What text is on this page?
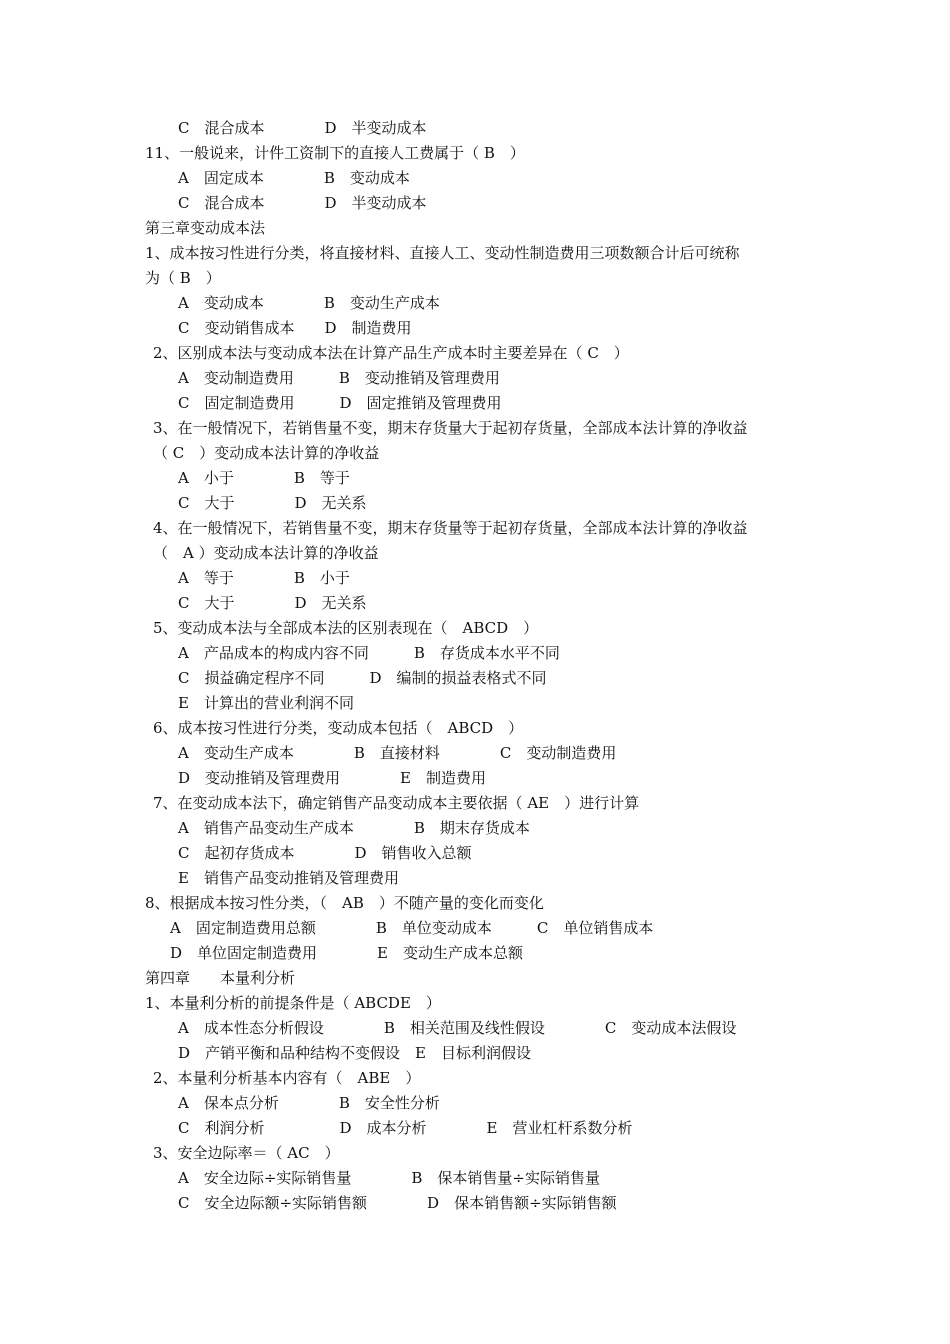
C　混合成本　　　　D　半变动成本
11、一般说来，计件工资制下的直接人工费属于（ B　）
A　固定成本　　　　B　变动成本
C　混合成本　　　　D　半变动成本
第三章变动成本法
1、成本按习性进行分类，将直接材料、直接人工、变动性制造费用三项数额合计后可统称
为（ B　）
A　变动成本　　　　B　变动生产成本
C　变动销售成本　　D　制造费用
2、区别成本法与变动成本法在计算产品生产成本时主要差异在（ C　）
A　变动制造费用　　　B　变动推销及管理费用
C　固定制造费用　　　D　固定推销及管理费用
3、在一般情况下，若销售量不变，期末存货量大于起初存货量，全部成本法计算的净收益
（ C　）变动成本法计算的净收益
A　小于　　　　B　等于
C　大于　　　　D　无关系
4、在一般情况下，若销售量不变，期末存货量等于起初存货量，全部成本法计算的净收益
（　A ）变动成本法计算的净收益
A　等于　　　　B　小于
C　大于　　　　D　无关系
5、变动成本法与全部成本法的区别表现在（　ABCD　）
A　产品成本的构成内容不同　　　B　存货成本水平不同
C　损益确定程序不同　　　D　编制的损益表格式不同
E　计算出的营业利润不同
6、成本按习性进行分类，变动成本包括（　ABCD　）
A　变动生产成本　　　　B　直接材料　　　　C　变动制造费用
D　变动推销及管理费用　　　　E　制造费用
7、在变动成本法下，确定销售产品变动成本主要依据（ AE　）进行计算
A　销售产品变动生产成本　　　　B　期末存货成本
C　起初存货成本　　　　D　销售收入总额
E　销售产品变动推销及管理费用
8、根据成本按习性分类，（　AB　）不随产量的变化而变化
A　固定制造费用总额　　　　B　单位变动成本　　　C　单位销售成本
D　单位固定制造费用　　　　E　变动生产成本总额
第四章　　本量利分析
1、本量利分析的前提条件是（ ABCDE　）
A　成本性态分析假设　　　　B　相关范围及线性假设　　　　C　变动成本法假设
D　产销平衡和品种结构不变假设　E　目标利润假设
2、本量利分析基本内容有（　ABE　）
A　保本点分析　　　　B　安全性分析
C　利润分析　　　　　D　成本分析　　　　E　营业杠杆系数分析
3、安全边际率＝（ AC　）
A　安全边际÷实际销售量　　　　B　保本销售量÷实际销售量
C　安全边际额÷实际销售额　　　　D　保本销售额÷实际销售额
